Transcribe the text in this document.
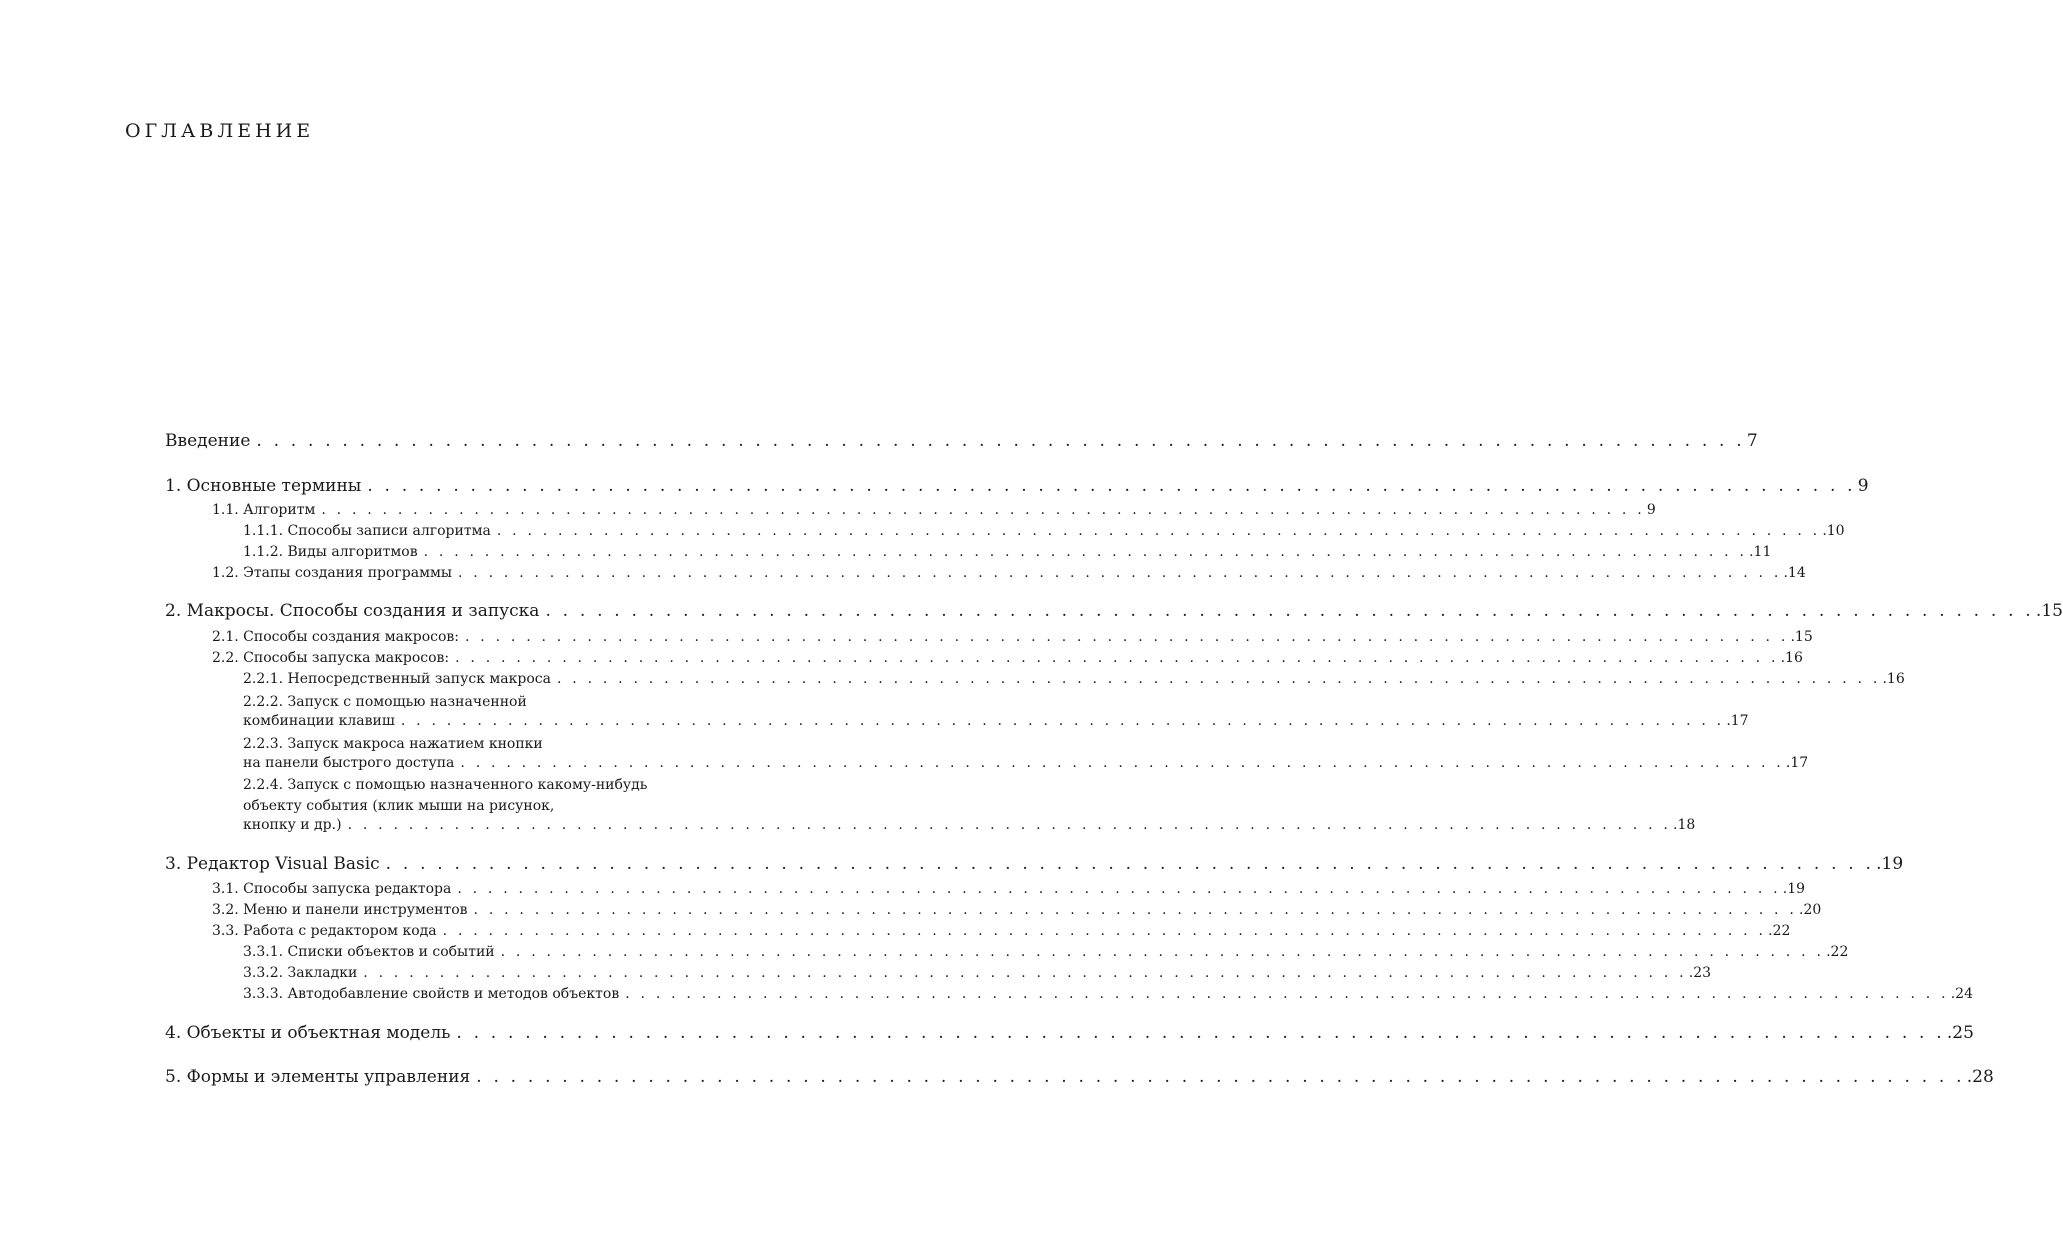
ОГЛАВЛЕНИЕ
Введение . . . . . . . . . . . . . . . . . . . . . . . . . . . . . . . . . . . . . . . . . . . . . . . . . . . . . . . . . . . . . . . . . . . . . . . . . . . . . . . . . . . . . . . 7
1. Основные термины . . . . . . . . . . . . . . . . . . . . . . . . . . . . . . . . . . . . . . . . . . . . . . . . . . . . . . . . . . . . . . . . . . . . . . . . . . . . . . . . . . . . . . . 9
1.1. Алгоритм . . . . . . . . . . . . . . . . . . . . . . . . . . . . . . . . . . . . . . . . . . . . . . . . . . . . . . . . . . . . . . . . . . . . . . . . . . . . . . . . . . . . . . . 9
1.1.1. Способы записи алгоритма . . . . . . . . . . . . . . . . . . . . . . . . . . . . . . . . . . . . . . . . . . . . . . . . . . . . . . . . . . . . . . . . . . . . . . . . . . . . . . . . . . . . . . . .10
1.1.2. Виды алгоритмов . . . . . . . . . . . . . . . . . . . . . . . . . . . . . . . . . . . . . . . . . . . . . . . . . . . . . . . . . . . . . . . . . . . . . . . . . . . . . . . . . . . . . . . .11
1.2. Этапы создания программы . . . . . . . . . . . . . . . . . . . . . . . . . . . . . . . . . . . . . . . . . . . . . . . . . . . . . . . . . . . . . . . . . . . . . . . . . . . . . . . . . . . . . . . .14
2. Макросы. Способы создания и запуска . . . . . . . . . . . . . . . . . . . . . . . . . . . . . . . . . . . . . . . . . . . . . . . . . . . . . . . . . . . . . . . . . . . . . . . . . . . . . . . . . . . . . . . .15
2.1. Способы создания макросов: . . . . . . . . . . . . . . . . . . . . . . . . . . . . . . . . . . . . . . . . . . . . . . . . . . . . . . . . . . . . . . . . . . . . . . . . . . . . . . . . . . . . . . . .15
2.2. Способы запуска макросов: . . . . . . . . . . . . . . . . . . . . . . . . . . . . . . . . . . . . . . . . . . . . . . . . . . . . . . . . . . . . . . . . . . . . . . . . . . . . . . . . . . . . . . . .16
2.2.1. Непосредственный запуск макроса . . . . . . . . . . . . . . . . . . . . . . . . . . . . . . . . . . . . . . . . . . . . . . . . . . . . . . . . . . . . . . . . . . . . . . . . . . . . . . . . . . . . . . . .16
2.2.2. Запуск с помощью назначенной
комбинации клавиш . . . . . . . . . . . . . . . . . . . . . . . . . . . . . . . . . . . . . . . . . . . . . . . . . . . . . . . . . . . . . . . . . . . . . . . . . . . . . . . . . . . . . . . .17
2.2.3. Запуск макроса нажатием кнопки
на панели быстрого доступа . . . . . . . . . . . . . . . . . . . . . . . . . . . . . . . . . . . . . . . . . . . . . . . . . . . . . . . . . . . . . . . . . . . . . . . . . . . . . . . . . . . . . . . .17
2.2.4. Запуск с помощью назначенного какому-нибудь
объекту события (клик мыши на рисунок,
кнопку и др.) . . . . . . . . . . . . . . . . . . . . . . . . . . . . . . . . . . . . . . . . . . . . . . . . . . . . . . . . . . . . . . . . . . . . . . . . . . . . . . . . . . . . . . . .18
3. Редактор Visual Basic . . . . . . . . . . . . . . . . . . . . . . . . . . . . . . . . . . . . . . . . . . . . . . . . . . . . . . . . . . . . . . . . . . . . . . . . . . . . . . . . . . . . . . . .19
3.1. Способы запуска редактора . . . . . . . . . . . . . . . . . . . . . . . . . . . . . . . . . . . . . . . . . . . . . . . . . . . . . . . . . . . . . . . . . . . . . . . . . . . . . . . . . . . . . . . .19
3.2. Меню и панели инструментов . . . . . . . . . . . . . . . . . . . . . . . . . . . . . . . . . . . . . . . . . . . . . . . . . . . . . . . . . . . . . . . . . . . . . . . . . . . . . . . . . . . . . . . .20
3.3. Работа с редактором кода . . . . . . . . . . . . . . . . . . . . . . . . . . . . . . . . . . . . . . . . . . . . . . . . . . . . . . . . . . . . . . . . . . . . . . . . . . . . . . . . . . . . . . . .22
3.3.1. Списки объектов и событий . . . . . . . . . . . . . . . . . . . . . . . . . . . . . . . . . . . . . . . . . . . . . . . . . . . . . . . . . . . . . . . . . . . . . . . . . . . . . . . . . . . . . . . .22
3.3.2. Закладки . . . . . . . . . . . . . . . . . . . . . . . . . . . . . . . . . . . . . . . . . . . . . . . . . . . . . . . . . . . . . . . . . . . . . . . . . . . . . . . . . . . . . . . .23
3.3.3. Автодобавление свойств и методов объектов . . . . . . . . . . . . . . . . . . . . . . . . . . . . . . . . . . . . . . . . . . . . . . . . . . . . . . . . . . . . . . . . . . . . . . . . . . . . . . . . . . . . . . . .24
4. Объекты и объектная модель . . . . . . . . . . . . . . . . . . . . . . . . . . . . . . . . . . . . . . . . . . . . . . . . . . . . . . . . . . . . . . . . . . . . . . . . . . . . . . . . . . . . . . . .25
5. Формы и элементы управления . . . . . . . . . . . . . . . . . . . . . . . . . . . . . . . . . . . . . . . . . . . . . . . . . . . . . . . . . . . . . . . . . . . . . . . . . . . . . . . . . . . . . . . .28
